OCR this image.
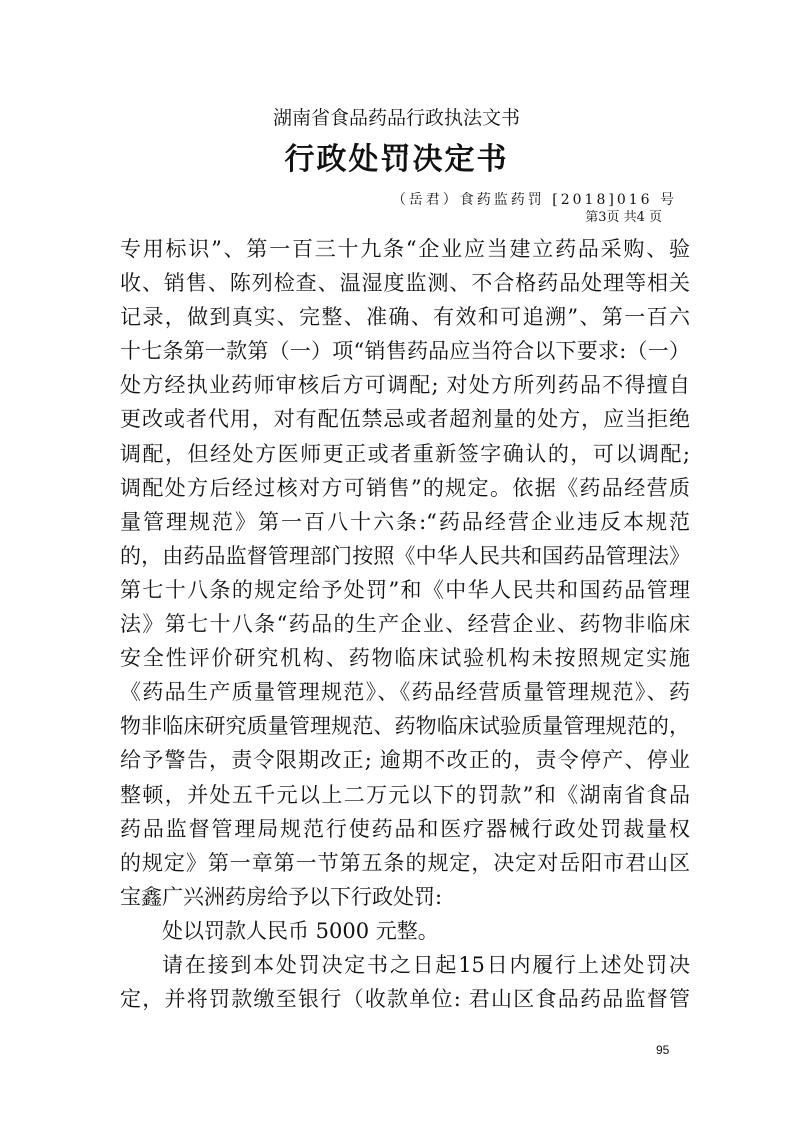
湖南省食品药品行政执法文书
行政处罚决定书
（岳君）食药监药罚 [2018]016 号
第3页 共4 页
专用标识”、第一百三十九条“企业应当建立药品采购、验
收、销售、陈列检查、温湿度监测、不合格药品处理等相关
记录，做到真实、完整、准确、有效和可追溯”、第一百六
十七条第一款第（一）项“销售药品应当符合以下要求:（一）
处方经执业药师审核后方可调配; 对处方所列药品不得擅自
更改或者代用，对有配伍禁忌或者超剂量的处方，应当拒绝
调配，但经处方医师更正或者重新签字确认的，可以调配;
调配处方后经过核对方可销售”的规定。依据《药品经营质
量管理规范》第一百八十六条:“药品经营企业违反本规范
的，由药品监督管理部门按照《中华人民共和国药品管理法》
第七十八条的规定给予处罚”和《中华人民共和国药品管理
法》第七十八条“药品的生产企业、经营企业、药物非临床
安全性评价研究机构、药物临床试验机构未按照规定实施
《药品生产质量管理规范》、《药品经营质量管理规范》、药
物非临床研究质量管理规范、药物临床试验质量管理规范的，
给予警告，责令限期改正; 逾期不改正的，责令停产、停业
整顿，并处五千元以上二万元以下的罚款”和《湖南省食品
药品监督管理局规范行使药品和医疗器械行政处罚裁量权
的规定》第一章第一节第五条的规定，决定对岳阳市君山区
宝鑫广兴洲药房给予以下行政处罚:
处以罚款人民币 5000 元整。
请在接到本处罚决定书之日起15日内履行上述处罚决
定，并将罚款缴至银行（收款单位: 君山区食品药品监督管
95
